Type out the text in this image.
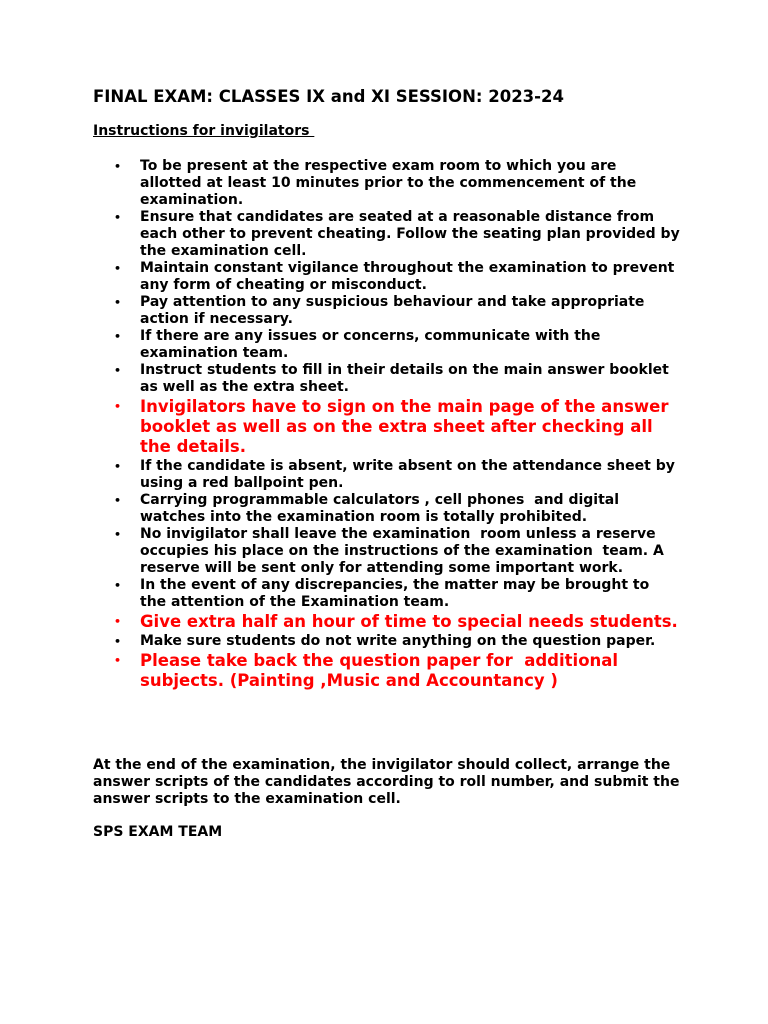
FINAL EXAM: CLASSES IX and XI SESSION: 2023-24
Instructions for invigilators
• To be present at the respective exam room to which you are allotted at least 10 minutes prior to the commencement of the examination.
• Ensure that candidates are seated at a reasonable distance from each other to prevent cheating. Follow the seating plan provided by the examination cell.
• Maintain constant vigilance throughout the examination to prevent any form of cheating or misconduct.
• Pay attention to any suspicious behaviour and take appropriate action if necessary.
• If there are any issues or concerns, communicate with the examination team.
• Instruct students to fill in their details on the main answer booklet as well as the extra sheet.
• Invigilators have to sign on the main page of the answer booklet as well as on the extra sheet after checking all the details.
• If the candidate is absent, write absent on the attendance sheet by using a red ballpoint pen.
• Carrying programmable calculators , cell phones  and digital watches into the examination room is totally prohibited.
• No invigilator shall leave the examination  room unless a reserve occupies his place on the instructions of the examination  team. A reserve will be sent only for attending some important work.
• In the event of any discrepancies, the matter may be brought to the attention of the Examination team.
• Give extra half an hour of time to special needs students.
• Make sure students do not write anything on the question paper.
• Please take back the question paper for  additional subjects. (Painting ,Music and Accountancy )
At the end of the examination, the invigilator should collect, arrange the answer scripts of the candidates according to roll number, and submit the answer scripts to the examination cell.
SPS EXAM TEAM
